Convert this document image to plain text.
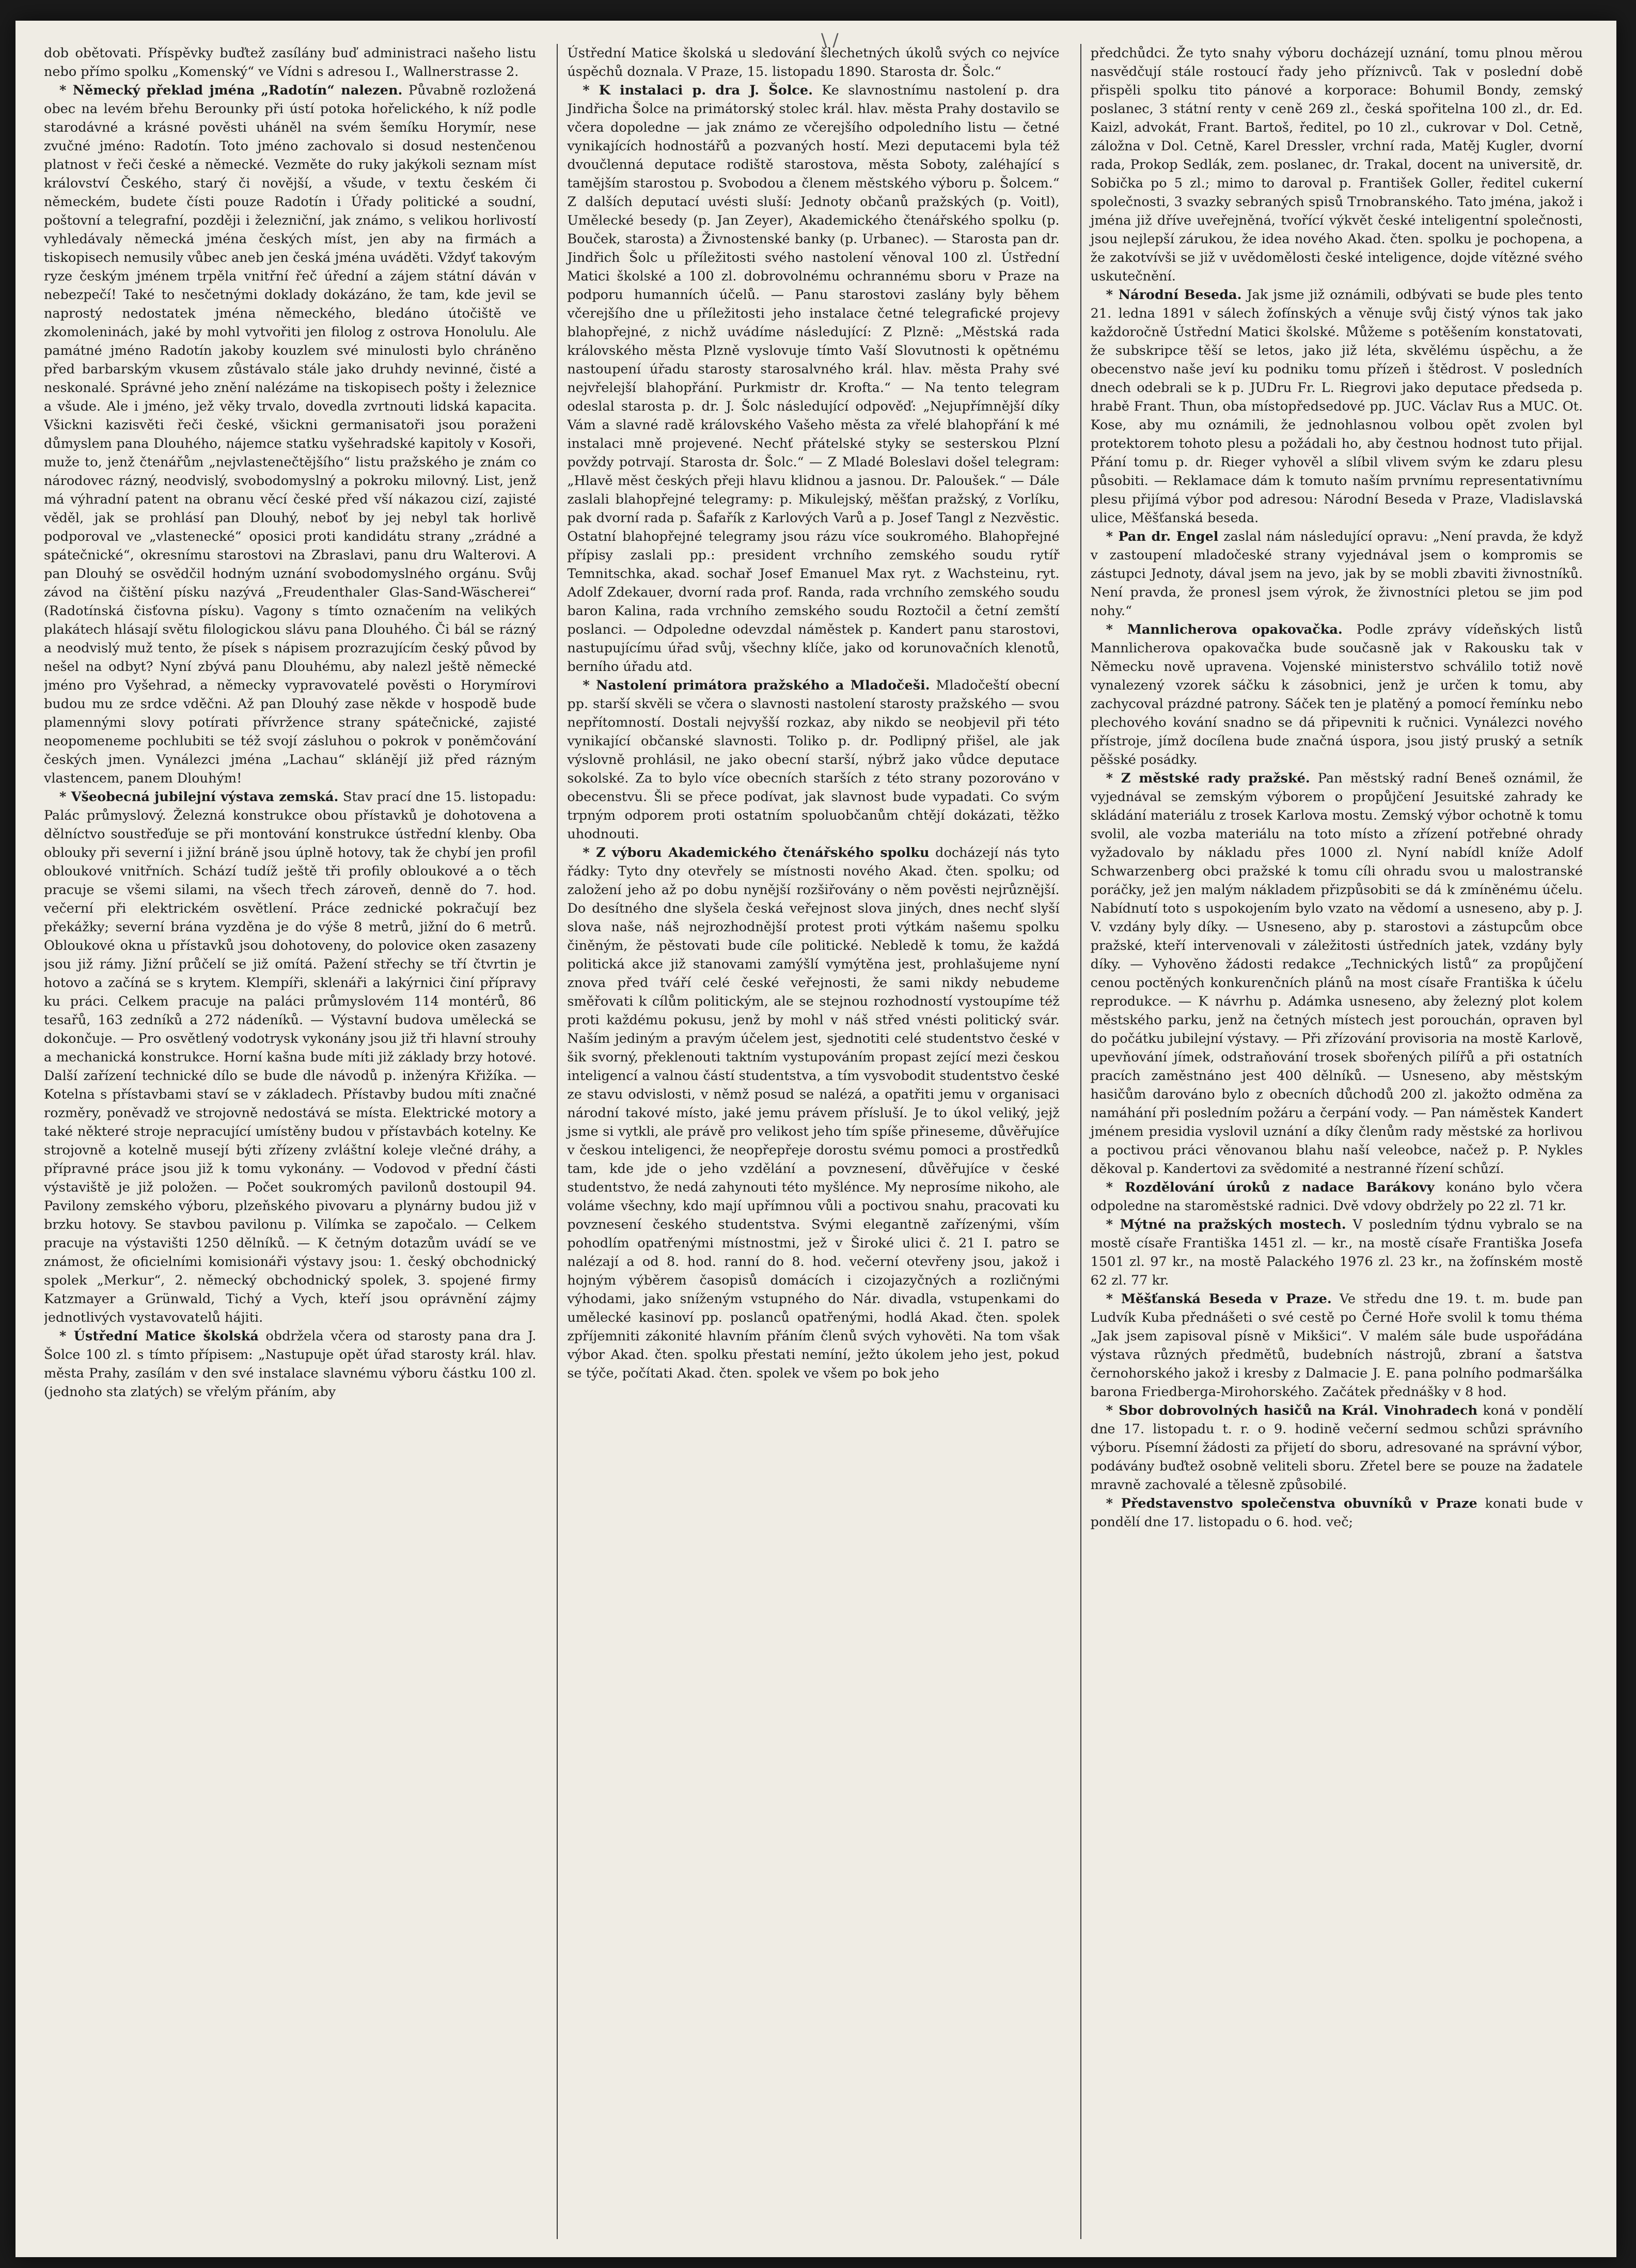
\ /

dob obětovati. Příspěvky buďtež zasílány buď administraci našeho listu nebo přímo spolku „Komenský“ ve Vídni s adresou I., Wallnerstrasse 2.

* Německý překlad jména „Radotín“ nalezen. Půvabně rozložená obec na levém břehu Berounky při ústí potoka hořelického, k níž podle starodávné a krásné pověsti uháněl na svém šemíku Horymír, nese zvučné jméno: Radotín. Toto jméno zachovalo si dosud nestenčenou platnost v řeči české a německé. Vezměte do ruky jakýkoli seznam míst království Českého, starý či novější, a všude, v textu českém či německém, budete čísti pouze Radotín i Úřady politické a soudní, poštovní a telegrafní, později i železniční, jak známo, s velikou horlivostí vyhledávaly německá jména českých míst, jen aby na firmách a tiskopisech nemusily vůbec aneb jen česká jména uváděti. Vždyť takovým ryze českým jménem trpěla vnitřní řeč úřední a zájem státní dáván v nebezpečí! Také to nesčetnými doklady dokázáno, že tam, kde jevil se naprostý nedostatek jména německého, bledáno útočiště ve zkomoleninách, jaké by mohl vytvořiti jen filolog z ostrova Honolulu. Ale památné jméno Radotín jakoby kouzlem své minulosti bylo chráněno před barbarským vkusem zůstávalo stále jako druhdy nevinné, čisté a neskonalé. Správné jeho znění nalézáme na tiskopisech pošty i železnice a všude. Ale i jméno, jež věky trvalo, dovedla zvrtnouti lidská kapacita. Všickni kazisvěti řeči české, všickni germanisatoři jsou poraženi důmyslem pana Dlouhého, nájemce statku vyšehradské kapitoly v Kosoři, muže to, jenž čtenářům „nejvlastenečtějšího“ listu pražského je znám co národovec rázný, neodvislý, svobodomyslný a pokroku milovný. List, jenž má výhradní patent na obranu věcí české před vší nákazou cizí, zajisté věděl, jak se prohlásí pan Dlouhý, neboť by jej nebyl tak horlivě podporoval ve „vlastenecké“ oposici proti kandidátu strany „zrádné a spátečnické“, okresnímu starostovi na Zbraslavi, panu dru Walterovi. A pan Dlouhý se osvědčil hodným uznání svobodomyslného orgánu. Svůj závod na čištění písku nazývá „Freudenthaler Glas-Sand-Wäscherei“ (Radotínská čisťovna písku). Vagony s tímto označením na velikých plakátech hlásají světu filologickou slávu pana Dlouhého. Či bál se rázný a neodvislý muž tento, že písek s nápisem prozrazujícím český původ by nešel na odbyt? Nyní zbývá panu Dlouhému, aby nalezl ještě německé jméno pro Vyšehrad, a německy vypravovatelé pověsti o Horymírovi budou mu ze srdce vděčni. Až pan Dlouhý zase někde v hospodě bude plamennými slovy potírati přívržence strany spátečnické, zajisté neopomeneme pochlubiti se též svojí zásluhou o pokrok v poněmčování českých jmen. Vynálezci jména „Lachau“ sklánějí již před rázným vlastencem, panem Dlouhým!

* Všeobecná jubilejní výstava zemská. Stav prací dne 15. listopadu: Palác průmyslový. Železná konstrukce obou přístavků je dohotovena a dělníctvo soustřeďuje se při montování konstrukce ústřední klenby. Oba oblouky při severní i jižní bráně jsou úplně hotovy, tak že chybí jen profil obloukové vnitřních. Schází tudíž ještě tři profily obloukové a o těch pracuje se všemi silami, na všech třech zároveň, denně do 7. hod. večerní při elektrickém osvětlení. Práce zednické pokračují bez překážky; severní brána vyzděna je do výše 8 metrů, jižní do 6 metrů. Obloukové okna u přístavků jsou dohotoveny, do polovice oken zasazeny jsou již rámy. Jižní průčelí se již omítá. Pažení střechy se tří čtvrtin je hotovo a začíná se s krytem. Klempíři, sklenáři a lakýrnici činí přípravy ku práci. Celkem pracuje na paláci průmyslovém 114 montérů, 86 tesařů, 163 zedníků a 272 nádeníků. — Výstavní budova umělecká se dokončuje. — Pro osvětlený vodotrysk vykonány jsou již tři hlavní strouhy a mechanická konstrukce. Horní kašna bude míti již základy brzy hotové. Další zařízení technické dílo se bude dle návodů p. inženýra Křižíka. — Kotelna s přístavbami staví se v základech. Přístavby budou míti značné rozměry, poněvadž ve strojovně nedostává se místa. Elektrické motory a také některé stroje nepracující umístěny budou v přístavbách kotelny. Ke strojovně a kotelně musejí býti zřízeny zvláštní koleje vlečné dráhy, a přípravné práce jsou již k tomu vykonány. — Vodovod v přední části výstaviště je již položen. — Počet soukromých pavilonů dostoupil 94. Pavilony zemského výboru, plzeňského pivovaru a plynárny budou již v brzku hotovy. Se stavbou pavilonu p. Vilímka se započalo. — Celkem pracuje na výstavišti 1250 dělníků. — K četným dotazům uvádí se ve známost, že oficielními komisionáři výstavy jsou: 1. český obchodnický spolek „Merkur“, 2. německý obchodnický spolek, 3. spojené firmy Katzmayer a Grünwald, Tichý a Vych, kteří jsou oprávnění zájmy jednotlivých vystavovatelů hájiti.

* Ústřední Matice školská obdržela včera od starosty pana dra J. Šolce 100 zl. s tímto přípisem: „Nastupuje opět úřad starosty král. hlav. města Prahy, zasílám v den své instalace slavnému výboru částku 100 zl. (jednoho sta zlatých) se vřelým přáním, aby

Ústřední Matice školská u sledování šlechetných úkolů svých co nejvíce úspěchů doznala. V Praze, 15. listopadu 1890. Starosta dr. Šolc.“

* K instalaci p. dra J. Šolce. Ke slavnostnímu nastolení p. dra Jindřicha Šolce na primátorský stolec král. hlav. města Prahy dostavilo se včera dopoledne — jak známo ze včerejšího odpoledního listu — četné vynikajících hodnostářů a pozvaných hostí. Mezi deputacemi byla též dvoučlenná deputace rodiště starostova, města Soboty, zaléhající s tamějším starostou p. Svobodou a členem městského výboru p. Šolcem.“ Z dalších deputací uvésti sluší: Jednoty občanů pražských (p. Voitl), Umělecké besedy (p. Jan Zeyer), Akademického čtenářského spolku (p. Bouček, starosta) a Živnostenské banky (p. Urbanec). — Starosta pan dr. Jindřich Šolc u příležitosti svého nastolení věnoval 100 zl. Ústřední Matici školské a 100 zl. dobrovolnému ochrannému sboru v Praze na podporu humanních účelů. — Panu starostovi zaslány byly během včerejšího dne u příležitosti jeho instalace četné telegrafické projevy blahopřejné, z nichž uvádíme následující: Z Plzně: „Městská rada královského města Plzně vyslovuje tímto Vaší Slovutnosti k opětnému nastoupení úřadu starosty starosalvného král. hlav. města Prahy své nejvřelejší blahopřání. Purkmistr dr. Krofta.“ — Na tento telegram odeslal starosta p. dr. J. Šolc následující odpověď: „Nejupřímnější díky Vám a slavné radě královského Vašeho města za vřelé blahopřání k mé instalaci mně projevené. Nechť přátelské styky se sesterskou Plzní povždy potrvají. Starosta dr. Šolc.“ — Z Mladé Boleslavi došel telegram: „Hlavě měst českých přeji hlavu klidnou a jasnou. Dr. Paloušek.“ — Dále zaslali blahopřejné telegramy: p. Mikulejský, měšťan pražský, z Vorlíku, pak dvorní rada p. Šafařík z Karlových Varů a p. Josef Tangl z Nezvěstic. Ostatní blahopřejné telegramy jsou rázu více soukromého. Blahopřejné přípisy zaslali pp.: president vrchního zemského soudu rytíř Temnitschka, akad. sochař Josef Emanuel Max ryt. z Wachsteinu, ryt. Adolf Zdekauer, dvorní rada prof. Randa, rada vrchního zemského soudu baron Kalina, rada vrchního zemského soudu Roztočil a četní zemští poslanci. — Odpoledne odevzdal náměstek p. Kandert panu starostovi, nastupujícímu úřad svůj, všechny klíče, jako od korunovačních klenotů, berního úřadu atd.

* Nastolení primátora pražského a Mladočeši. Mladočeští obecní pp. starší skvěli se včera o slavnosti nastolení starosty pražského — svou nepřítomností. Dostali nejvyšší rozkaz, aby nikdo se neobjevil při této vynikající občanské slavnosti. Toliko p. dr. Podlipný přišel, ale jak výslovně prohlásil, ne jako obecní starší, nýbrž jako vůdce deputace sokolské. Za to bylo více obecních starších z této strany pozorováno v obecenstvu. Šli se přece podívat, jak slavnost bude vypadati. Co svým trpným odporem proti ostatním spoluobčanům chtějí dokázati, těžko uhodnouti.

* Z výboru Akademického čtenářského spolku docházejí nás tyto řádky: Tyto dny otevřely se místnosti nového Akad. čten. spolku; od založení jeho až po dobu nynější rozšiřovány o něm pověsti nejrůznější. Do desítného dne slyšela česká veřejnost slova jiných, dnes nechť slyší slova naše, náš nejrozhodnější protest proti výtkám našemu spolku činěným, že pěstovati bude cíle politické. Nebledě k tomu, že každá politická akce již stanovami zamýšlí vymýtěna jest, prohlašujeme nyní znova před tváří celé české veřejnosti, že sami nikdy nebudeme směřovati k cílům politickým, ale se stejnou rozhodností vystoupíme též proti každému pokusu, jenž by mohl v náš střed vnésti politický svár. Naším jediným a pravým účelem jest, sjednotiti celé studentstvo české v šik svorný, překlenouti taktním vystupováním propast zející mezi českou inteligencí a valnou částí studentstva, a tím vysvobodit studentstvo české ze stavu odvislosti, v němž posud se nalézá, a opatřiti jemu v organisaci národní takové místo, jaké jemu právem přísluší. Je to úkol veliký, jejž jsme si vytkli, ale právě pro velikost jeho tím spíše přineseme, důvěřujíce v českou inteligenci, že neopřepřeje dorostu svému pomoci a prostředků tam, kde jde o jeho vzdělání a povznesení, důvěřujíce v české studentstvo, že nedá zahynouti této myšlénce. My neprosíme nikoho, ale voláme všechny, kdo mají upřímnou vůli a poctivou snahu, pracovati ku povznesení českého studentstva. Svými elegantně zařízenými, vším pohodlím opatřenými místnostmi, jež v Široké ulici č. 21 I. patro se nalézají a od 8. hod. ranní do 8. hod. večerní otevřeny jsou, jakož i hojným výběrem časopisů domácích i cizojazyčných a rozličnými výhodami, jako sníženým vstupného do Nár. divadla, vstupenkami do umělecké kasinoví pp. poslanců opatřenými, hodlá Akad. čten. spolek zpříjemniti zákonité hlavním přáním členů svých vyhověti. Na tom však výbor Akad. čten. spolku přestati nemíní, ježto úkolem jeho jest, pokud se týče, počítati Akad. čten. spolek ve všem po bok jeho

předchůdci. Že tyto snahy výboru docházejí uznání, tomu plnou měrou nasvědčují stále rostoucí řady jeho příznivců. Tak v poslední době přispěli spolku tito pánové a korporace: Bohumil Bondy, zemský poslanec, 3 státní renty v ceně 269 zl., česká spořitelna 100 zl., dr. Ed. Kaizl, advokát, Frant. Bartoš, ředitel, po 10 zl., cukrovar v Dol. Cetně, záložna v Dol. Cetně, Karel Dressler, vrchní rada, Matěj Kugler, dvorní rada, Prokop Sedlák, zem. poslanec, dr. Trakal, docent na universitě, dr. Sobička po 5 zl.; mimo to daroval p. František Goller, ředitel cukerní společnosti, 3 svazky sebraných spisů Trnobranského. Tato jména, jakož i jména již dříve uveřejněná, tvořící výkvět české inteligentní společnosti, jsou nejlepší zárukou, že idea nového Akad. čten. spolku je pochopena, a že zakotvívši se již v uvědomělosti české inteligence, dojde vítězné svého uskutečnění.

* Národní Beseda. Jak jsme již oznámili, odbývati se bude ples tento 21. ledna 1891 v sálech žofínských a věnuje svůj čistý výnos tak jako každoročně Ústřední Matici školské. Můžeme s potěšením konstatovati, že subskripce těší se letos, jako již léta, skvělému úspěchu, a že obecenstvo naše jeví ku podniku tomu přízeň i štědrost. V posledních dnech odebrali se k p. JUDru Fr. L. Riegrovi jako deputace předseda p. hrabě Frant. Thun, oba místopředsedové pp. JUC. Václav Rus a MUC. Ot. Kose, aby mu oznámili, že jednohlasnou volbou opět zvolen byl protektorem tohoto plesu a požádali ho, aby čestnou hodnost tuto přijal. Přání tomu p. dr. Rieger vyhověl a slíbil vlivem svým ke zdaru plesu působiti. — Reklamace dám k tomuto naším prvnímu representativnímu plesu přijímá výbor pod adresou: Národní Beseda v Praze, Vladislavská ulice, Měšťanská beseda.

* Pan dr. Engel zaslal nám následující opravu: „Není pravda, že když v zastoupení mladočeské strany vyjednával jsem o kompromis se zástupci Jednoty, dával jsem na jevo, jak by se mobli zbaviti živnostníků. Není pravda, že pronesl jsem výrok, že živnostníci pletou se jim pod nohy.“

* Mannlicherova opakovačka. Podle zprávy vídeňských listů Mannlicherova opakovačka bude současně jak v Rakousku tak v Německu nově upravena. Vojenské ministerstvo schválilo totiž nově vynalezený vzorek sáčku k zásobnici, jenž je určen k tomu, aby zachycoval prázdné patrony. Sáček ten je platěný a pomocí řemínku nebo plechového kování snadno se dá připevniti k ručnici. Vynálezci nového přístroje, jímž docílena bude značná úspora, jsou jistý pruský a setník pěšské posádky.

* Z městské rady pražské. Pan městský radní Beneš oznámil, že vyjednával se zemským výborem o propůjčení Jesuitské zahrady ke skládání materiálu z trosek Karlova mostu. Zemský výbor ochotně k tomu svolil, ale vozba materiálu na toto místo a zřízení potřebné ohrady vyžadovalo by nákladu přes 1000 zl. Nyní nabídl kníže Adolf Schwarzenberg obci pražské k tomu cíli ohradu svou u malostranské poráčky, jež jen malým nákladem přizpůsobiti se dá k zmíněnému účelu. Nabídnutí toto s uspokojením bylo vzato na vědomí a usneseno, aby p. J. V. vzdány byly díky. — Usneseno, aby p. starostovi a zástupcům obce pražské, kteří intervenovali v záležitosti ústředních jatek, vzdány byly díky. — Vyhověno žádosti redakce „Technických listů“ za propůjčení cenou poctěných konkurenčních plánů na most císaře Františka k účelu reprodukce. — K návrhu p. Adámka usneseno, aby železný plot kolem městského parku, jenž na četných místech jest porouchán, opraven byl do počátku jubilejní výstavy. — Při zřízování provisoria na mostě Karlově, upevňování jímek, odstraňování trosek sbořených pilířů a při ostatních pracích zaměstnáno jest 400 dělníků. — Usneseno, aby městským hasičům darováno bylo z obecních důchodů 200 zl. jakožto odměna za namáhání při posledním požáru a čerpání vody. — Pan náměstek Kandert jménem presidia vyslovil uznání a díky členům rady městské za horlivou a poctivou práci věnovanou blahu naší veleobce, načež p. P. Nykles děkoval p. Kandertovi za svědomité a nestranné řízení schůzí.

* Rozdělování úroků z nadace Barákovy konáno bylo včera odpoledne na staroměstské radnici. Dvě vdovy obdržely po 22 zl. 71 kr.

* Mýtné na pražských mostech. V posledním týdnu vybralo se na mostě císaře Františka 1451 zl. — kr., na mostě císaře Františka Josefa 1501 zl. 97 kr., na mostě Palackého 1976 zl. 23 kr., na žofínském mostě 62 zl. 77 kr.

* Měšťanská Beseda v Praze. Ve středu dne 19. t. m. bude pan Ludvík Kuba přednášeti o své cestě po Černé Hoře svolil k tomu théma „Jak jsem zapisoval písně v Mikšici“. V malém sále bude uspořádána výstava různých předmětů, budebních nástrojů, zbraní a šatstva černohorského jakož i kresby z Dalmacie J. E. pana polního podmaršálka barona Friedberga-Mirohorského. Začátek přednášky v 8 hod.

* Sbor dobrovolných hasičů na Král. Vinohradech koná v pondělí dne 17. listopadu t. r. o 9. hodině večerní sedmou schůzi správního výboru. Písemní žádosti za přijetí do sboru, adresované na správní výbor, podávány buďtež osobně veliteli sboru. Zřetel bere se pouze na žadatele mravně zachovalé a tělesně způsobilé.

* Představenstvo společenstva obuvníků v Praze konati bude v pondělí dne 17. listopadu o 6. hod. več;
